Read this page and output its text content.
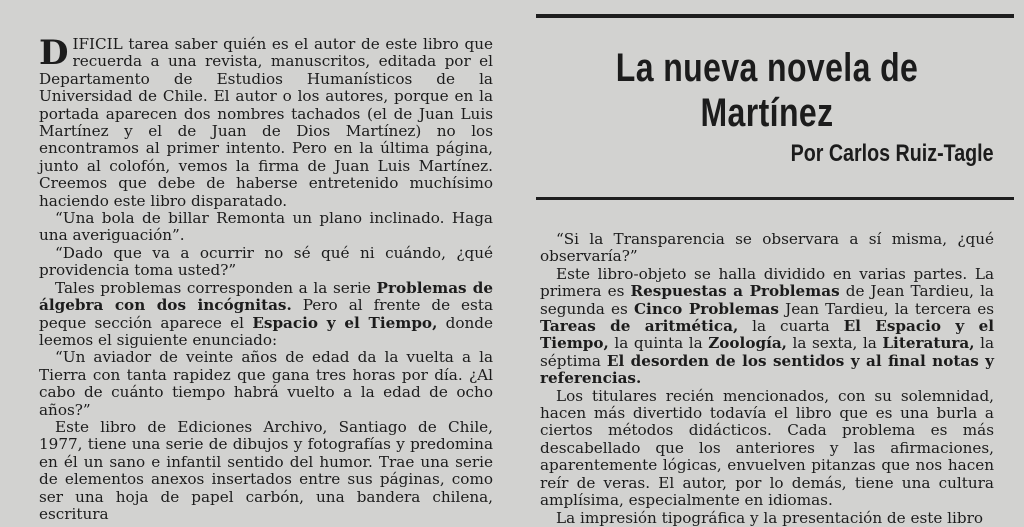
DIFICIL tarea saber quién es el autor de este libro que recuerda a una revista, manuscritos, editada por el Departamento de Estudios Humanísticos de la Universidad de Chile. El autor o los autores, porque en la portada aparecen dos nombres tachados (el de Juan Luis Martínez y el de Juan de Dios Martínez) no los encontramos al primer intento. Pero en la última página, junto al colofón, vemos la firma de Juan Luis Martínez. Creemos que debe de haberse entretenido muchísimo haciendo este libro disparatado.

“Una bola de billar Remonta un plano inclinado. Haga una averiguación”.

“Dado que va a ocurrir no sé qué ni cuándo, ¿qué providencia toma usted?”

Tales problemas corresponden a la serie Problemas de álgebra con dos incógnitas. Pero al frente de esta peque sección aparece el Espacio y el Tiempo, donde leemos el siguiente enunciado:

“Un aviador de veinte años de edad da la vuelta a la Tierra con tanta rapidez que gana tres horas por día. ¿Al cabo de cuánto tiempo habrá vuelto a la edad de ocho años?”

Este libro de Ediciones Archivo, Santiago de Chile, 1977, tiene una serie de dibujos y fotografías y predomina en él un sano e infantil sentido del humor. Trae una serie de elementos anexos insertados entre sus páginas, como ser una hoja de papel carbón, una bandera chilena, escritura

La nueva novela de Martínez

Por Carlos Ruiz-Tagle

“Si la Transparencia se observara a sí misma, ¿qué observaría?”

Este libro-objeto se halla dividido en varias partes. La primera es Respuestas a Problemas de Jean Tardieu, la segunda es Cinco Problemas Jean Tardieu, la tercera es Tareas de aritmética, la cuarta El Espacio y el Tiempo, la quinta la Zoología, la sexta, la Literatura, la séptima El desorden de los sentidos y al final notas y referencias.

Los titulares recién mencionados, con su solemnidad, hacen más divertido todavía el libro que es una burla a ciertos métodos didácticos. Cada problema es más descabellado que los anteriores y las afirmaciones, aparentemente lógicas, envuelven pitanzas que nos hacen reír de veras. El autor, por lo demás, tiene una cultura amplísima, especialmente en idiomas.

La impresión tipográfica y la presentación de este libro
